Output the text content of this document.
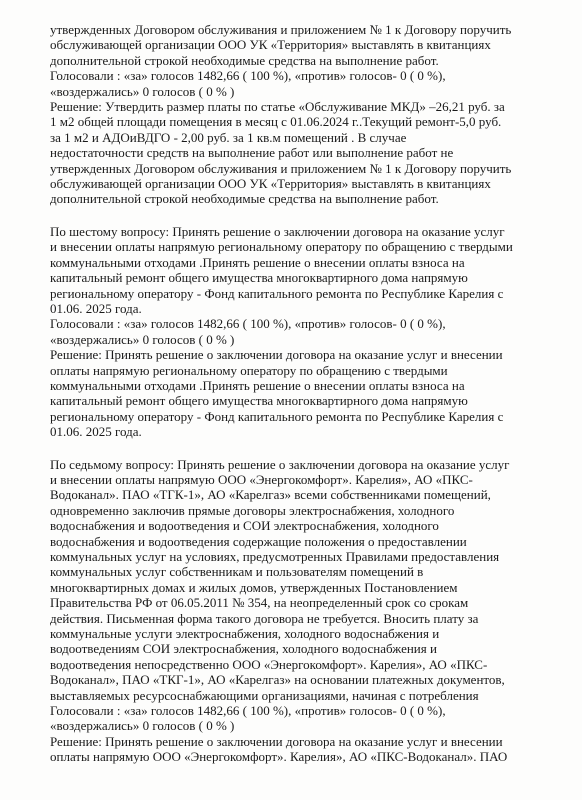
утвержденных Договором обслуживания и приложением № 1 к Договору поручить
обслуживающей организации ООО УК «Территория» выставлять в квитанциях
дополнительной строкой необходимые средства на выполнение работ.
Голосовали : «за» голосов 1482,66 ( 100 %), «против» голосов- 0 ( 0 %),
«воздержались» 0 голосов ( 0 % )
Решение: Утвердить размер платы по статье «Обслуживание МКД» –26,21 руб. за
1 м2 общей площади помещения в месяц с 01.06.2024 г..Текущий ремонт-5,0 руб.
за 1 м2 и АДОиВДГО - 2,00 руб. за 1 кв.м помещений . В случае
недостаточности средств на выполнение работ или выполнение работ не
утвержденных Договором обслуживания и приложением № 1 к Договору поручить
обслуживающей организации ООО УК «Территория» выставлять в квитанциях
дополнительной строкой необходимые средства на выполнение работ.
По шестому вопросу: Принять решение о заключении договора на оказание услуг
и внесении оплаты напрямую региональному оператору по обращению с твердыми
коммунальными отходами .Принять решение о внесении оплаты взноса на
капитальный ремонт общего имущества многоквартирного дома напрямую
региональному оператору - Фонд капитального ремонта по Республике Карелия с
01.06. 2025 года.
Голосовали : «за» голосов 1482,66 ( 100 %), «против» голосов- 0 ( 0 %),
«воздержались» 0 голосов ( 0 % )
Решение: Принять решение о заключении договора на оказание услуг и внесении
оплаты напрямую региональному оператору по обращению с твердыми
коммунальными отходами .Принять решение о внесении оплаты взноса на
капитальный ремонт общего имущества многоквартирного дома напрямую
региональному оператору - Фонд капитального ремонта по Республике Карелия с
01.06. 2025 года.
По седьмому вопросу: Принять решение о заключении договора на оказание услуг
и внесении оплаты напрямую ООО «Энергокомфорт». Карелия», АО «ПКС-
Водоканал». ПАО «ТГК-1», АО «Карелгаз» всеми собственниками помещений,
одновременно заключив прямые договоры электроснабжения, холодного
водоснабжения и водоотведения и СОИ электроснабжения, холодного
водоснабжения и водоотведения содержащие положения о предоставлении
коммунальных услуг на условиях, предусмотренных Правилами предоставления
коммунальных услуг собственникам и пользователям помещений в
многоквартирных домах и жилых домов, утвержденных Постановлением
Правительства РФ от 06.05.2011 № 354, на неопределенный срок со срокам
действия. Письменная форма такого договора не требуется. Вносить плату за
коммунальные услуги электроснабжения, холодного водоснабжения и
водоотведениям СОИ электроснабжения, холодного водоснабжения и
водоотведения непосредственно ООО «Энергокомфорт». Карелия», АО «ПКС-
Водоканал», ПАО «ТКГ-1», АО «Карелгаз» на основании платежных документов,
выставляемых ресурсоснабжающими организациями, начиная с потребления
Голосовали : «за» голосов 1482,66 ( 100 %), «против» голосов- 0 ( 0 %),
«воздержались» 0 голосов ( 0 % )
Решение: Принять решение о заключении договора на оказание услуг и внесении
оплаты напрямую ООО «Энергокомфорт». Карелия», АО «ПКС-Водоканал». ПАО
